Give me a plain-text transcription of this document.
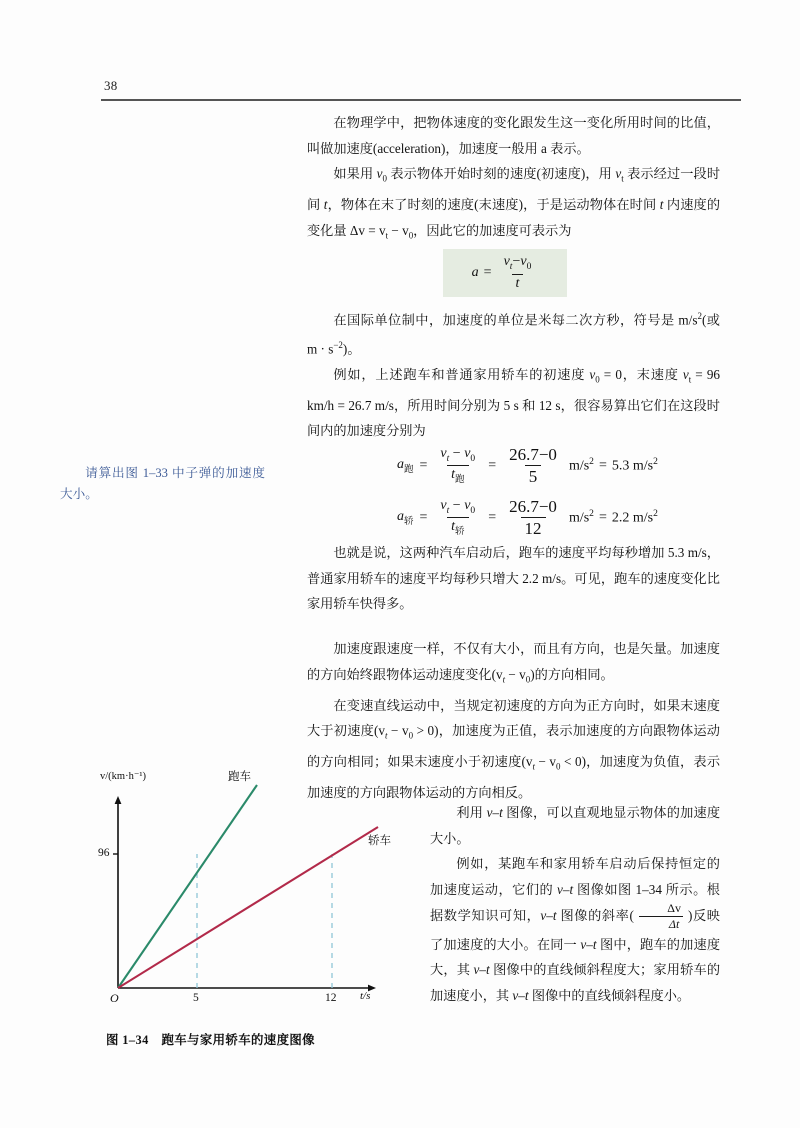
38

在物理学中，把物体速度的变化跟发生这一变化所用时间的比值，叫做加速度(acceleration)，加速度一般用 a 表示。

如果用 $v_0$ 表示物体开始时刻的速度(初速度)，用 $v_t$ 表示经过一段时间 t，物体在末了时刻的速度(末速度)，于是运动物体在时间 t 内速度的变化量 $\Delta v = v_t - v_0$，因此它的加速度可表示为

$a = \frac{v_t-v_0}{t}$

在国际单位制中，加速度的单位是米每二次方秒，符号是 $m/s^2$(或 $m \cdot s^{-2}$)。

例如，上述跑车和普通家用轿车的初速度 $v_0 = 0$，末速度 $v_t = 96$ km/h = 26.7 m/s，所用时间分别为 5 s 和 12 s，很容易算出它们在这段时间内的加速度分别为

请算出图 1–33 中子弹的加速度大小。

$a_跑 = \frac{v_t - v_0}{t_跑} = \frac{26.7-0}{5} m/s^2 = 5.3$ $m/s^2$
$a_轿 = \frac{v_t - v_0}{t_轿} = \frac{26.7-0}{12} m/s^2 = 2.2$ $m/s^2$

也就是说，这两种汽车启动后，跑车的速度平均每秒增加 5.3 m/s，普通家用轿车的速度平均每秒只增大 2.2 m/s。可见，跑车的速度变化比家用轿车快得多。

加速度跟速度一样，不仅有大小，而且有方向，也是矢量。加速度的方向始终跟物体运动速度变化$(v_t - v_0)$的方向相同。

在变速直线运动中，当规定初速度的方向为正方向时，如果末速度大于初速度$(v_t - v_0 > 0)$，加速度为正值，表示加速度的方向跟物体运动的方向相同；如果末速度小于初速度$(v_t - v_0 < 0)$，加速度为负值，表示加速度的方向跟物体运动的方向相反。

利用 v–t 图像，可以直观地显示物体的加速度大小。

例如，某跑车和家用轿车启动后保持恒定的加速度运动，它们的 v–t 图像如图 1–34 所示。根据数学知识可知，v–t 图像的斜率( $\frac{\Delta v}{\Delta t}$ )反映了加速度的大小。在同一 v–t 图中，跑车的加速度大，其 v–t 图像中的直线倾斜程度大；家用轿车的加速度小，其 v–t 图像中的直线倾斜程度小。

v/(km·h⁻¹)
96
O	5	12 t/s
跑车
轿车
图 1–34　跑车与家用轿车的速度图像
